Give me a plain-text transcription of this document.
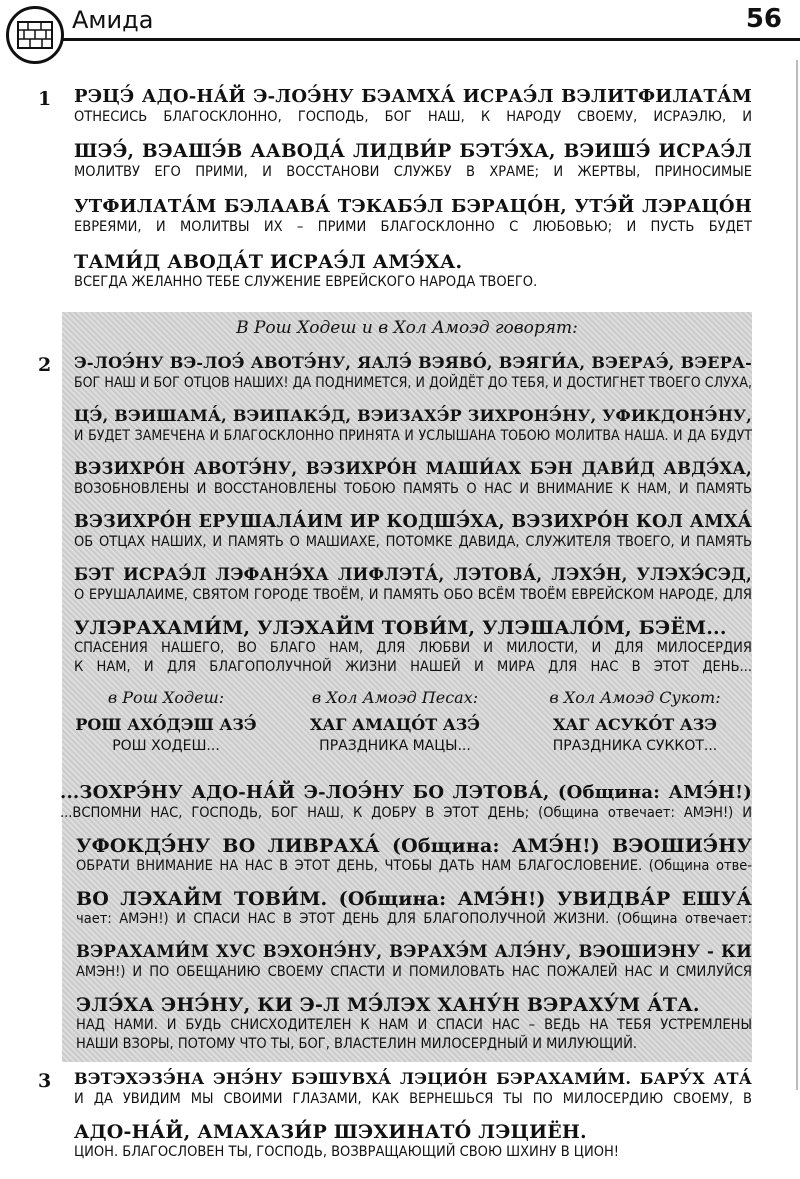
Амида	56
1 РЭЦЭ́ АДО-НА́Й Э-ЛОЭ́НУ БЭАМХА́ ИСРАЭ́Л ВЭЛИТФИЛАТА́М
ОТНЕСИСЬ БЛАГОСКЛОННО, ГОСПОДЬ, БОГ НАШ, К НАРОДУ СВОЕМУ, ИСРАЭЛЮ, И
ШЭЭ́, ВЭАШЭ́В ААВОДА́ ЛИДВИ́Р БЭТЭ́ХА, ВЭИШЭ́ ИСРАЭ́Л
МОЛИТВУ ЕГО ПРИМИ, И ВОССТАНОВИ СЛУЖБУ В ХРАМЕ; И ЖЕРТВЫ, ПРИНОСИМЫЕ
УТФИЛАТА́М БЭЛААВА́ ТЭКАБЭ́Л БЭРАЦО́Н, УТЭ́Й ЛЭРАЦО́Н
ЕВРЕЯМИ, И МОЛИТВЫ ИХ – ПРИМИ БЛАГОСКЛОННО С ЛЮБОВЬЮ; И ПУСТЬ БУДЕТ
ТАМИ́Д АВОДА́Т ИСРАЭ́Л АМЭ́ХА.
ВСЕГДА ЖЕЛАННО ТЕБЕ СЛУЖЕНИЕ ЕВРЕЙСКОГО НАРОДА ТВОЕГО.
В Рош Ходеш и в Хол Амоэд говорят:
2 Э-ЛОЭ́НУ ВЭ-ЛОЭ́ АВОТЭ́НУ, ЯАЛЭ́ ВЭЯВО́, ВЭЯГИ́А, ВЭЕРАЭ́, ВЭЕРА-
БОГ НАШ И БОГ ОТЦОВ НАШИХ! ДА ПОДНИМЕТСЯ, И ДОЙДЁТ ДО ТЕБЯ, И ДОСТИГНЕТ ТВОЕГО СЛУХА,
ЦЭ́, ВЭИШАМА́, ВЭИПАКЭ́Д, ВЭИЗАХЭ́Р ЗИХРОНЭ́НУ, УФИКДОНЭ́НУ,
И БУДЕТ ЗАМЕЧЕНА И БЛАГОСКЛОННО ПРИНЯТА И УСЛЫШАНА ТОБОЮ МОЛИТВА НАША. И ДА БУДУТ
ВЭЗИХРО́Н АВОТЭ́НУ, ВЭЗИХРО́Н МАШИ́АХ БЭН ДАВИ́Д АВДЭ́ХА,
ВОЗОБНОВЛЕНЫ И ВОССТАНОВЛЕНЫ ТОБОЮ ПАМЯТЬ О НАС И ВНИМАНИЕ К НАМ, И ПАМЯТЬ
ВЭЗИХРО́Н ЕРУШАЛА́ИМ ИР КОДШЭ́ХА, ВЭЗИХРО́Н КОЛ АМХА́
ОБ ОТЦАХ НАШИХ, И ПАМЯТЬ О МАШИАХЕ, ПОТОМКЕ ДАВИДА, СЛУЖИТЕЛЯ ТВОЕГО, И ПАМЯТЬ
БЭТ ИСРАЭ́Л ЛЭФАНЭ́ХА ЛИФЛЭТА́, ЛЭТОВА́, ЛЭХЭ́Н, УЛЭХЭ́СЭД,
О ЕРУШАЛАИМЕ, СВЯТОМ ГОРОДЕ ТВОЁМ, И ПАМЯТЬ ОБО ВСЁМ ТВОЁМ ЕВРЕЙСКОМ НАРОДЕ, ДЛЯ
УЛЭРАХАМИ́М, УЛЭХАЙМ ТОВИ́М, УЛЭШАЛО́М, БЭЁМ...
СПАСЕНИЯ НАШЕГО, ВО БЛАГО НАМ, ДЛЯ ЛЮБВИ И МИЛОСТИ, И ДЛЯ МИЛОСЕРДИЯ
К НАМ, И ДЛЯ БЛАГОПОЛУЧНОЙ ЖИЗНИ НАШЕЙ И МИРА ДЛЯ НАС В ЭТОТ ДЕНЬ...
в Рош Ходеш:
РОШ АХО́ДЭШ АЗЭ́
РОШ ХОДЕШ...
в Хол Амоэд Песах:
ХАГ АМАЦО́Т АЗЭ́
ПРАЗДНИКА МАЦЫ...
в Хол Амоэд Сукот:
ХАГ АСУКО́Т АЗЭ
ПРАЗДНИКА СУККОТ...
...ЗОХРЭ́НУ АДО-НА́Й Э-ЛОЭ́НУ БО ЛЭТОВА́, (Община: АМЭ́Н!)
...ВСПОМНИ НАС, ГОСПОДЬ, БОГ НАШ, К ДОБРУ В ЭТОТ ДЕНЬ; (Община отвечает: АМЭН!) И
УФОКДЭ́НУ ВО ЛИВРАХА́ (Община: АМЭ́Н!) ВЭОШИЭ́НУ
ОБРАТИ ВНИМАНИЕ НА НАС В ЭТОТ ДЕНЬ, ЧТОБЫ ДАТЬ НАМ БЛАГОСЛОВЕНИЕ. (Община отве-
ВО ЛЭХАЙМ ТОВИ́М. (Община: АМЭ́Н!) УВИДВА́Р ЕШУА́
чает: АМЭН!) И СПАСИ НАС В ЭТОТ ДЕНЬ ДЛЯ БЛАГОПОЛУЧНОЙ ЖИЗНИ. (Община отвечает:
ВЭРАХАМИ́М ХУС ВЭХОНЭ́НУ, ВЭРАХЭ́М АЛЭ́НУ, ВЭОШИЭНУ - КИ
АМЭН!) И ПО ОБЕЩАНИЮ СВОЕМУ СПАСТИ И ПОМИЛОВАТЬ НАС ПОЖАЛЕЙ НАС И СМИЛУЙСЯ
ЭЛЭ́ХА ЭНЭ́НУ, КИ Э-Л МЭ́ЛЭХ ХАНУ́Н ВЭРАХУ́М А́ТА.
НАД НАМИ. И БУДЬ СНИСХОДИТЕЛЕН К НАМ И СПАСИ НАС – ВЕДЬ НА ТЕБЯ УСТРЕМЛЕНЫ
НАШИ ВЗОРЫ, ПОТОМУ ЧТО ТЫ, БОГ, ВЛАСТЕЛИН МИЛОСЕРДНЫЙ И МИЛУЮЩИЙ.
3 ВЭТЭХЭЗЭ́НА ЭНЭ́НУ БЭШУВХА́ ЛЭЦИО́Н БЭРАХАМИ́М. БАРУ́Х АТА́
И ДА УВИДИМ МЫ СВОИМИ ГЛАЗАМИ, КАК ВЕРНЕШЬСЯ ТЫ ПО МИЛОСЕРДИЮ СВОЕМУ, В
АДО-НА́Й, АМАХАЗИ́Р ШЭХИНАТО́ ЛЭЦИЁН.
ЦИОН. БЛАГОСЛОВЕН ТЫ, ГОСПОДЬ, ВОЗВРАЩАЮЩИЙ СВОЮ ШХИНУ В ЦИОН!
